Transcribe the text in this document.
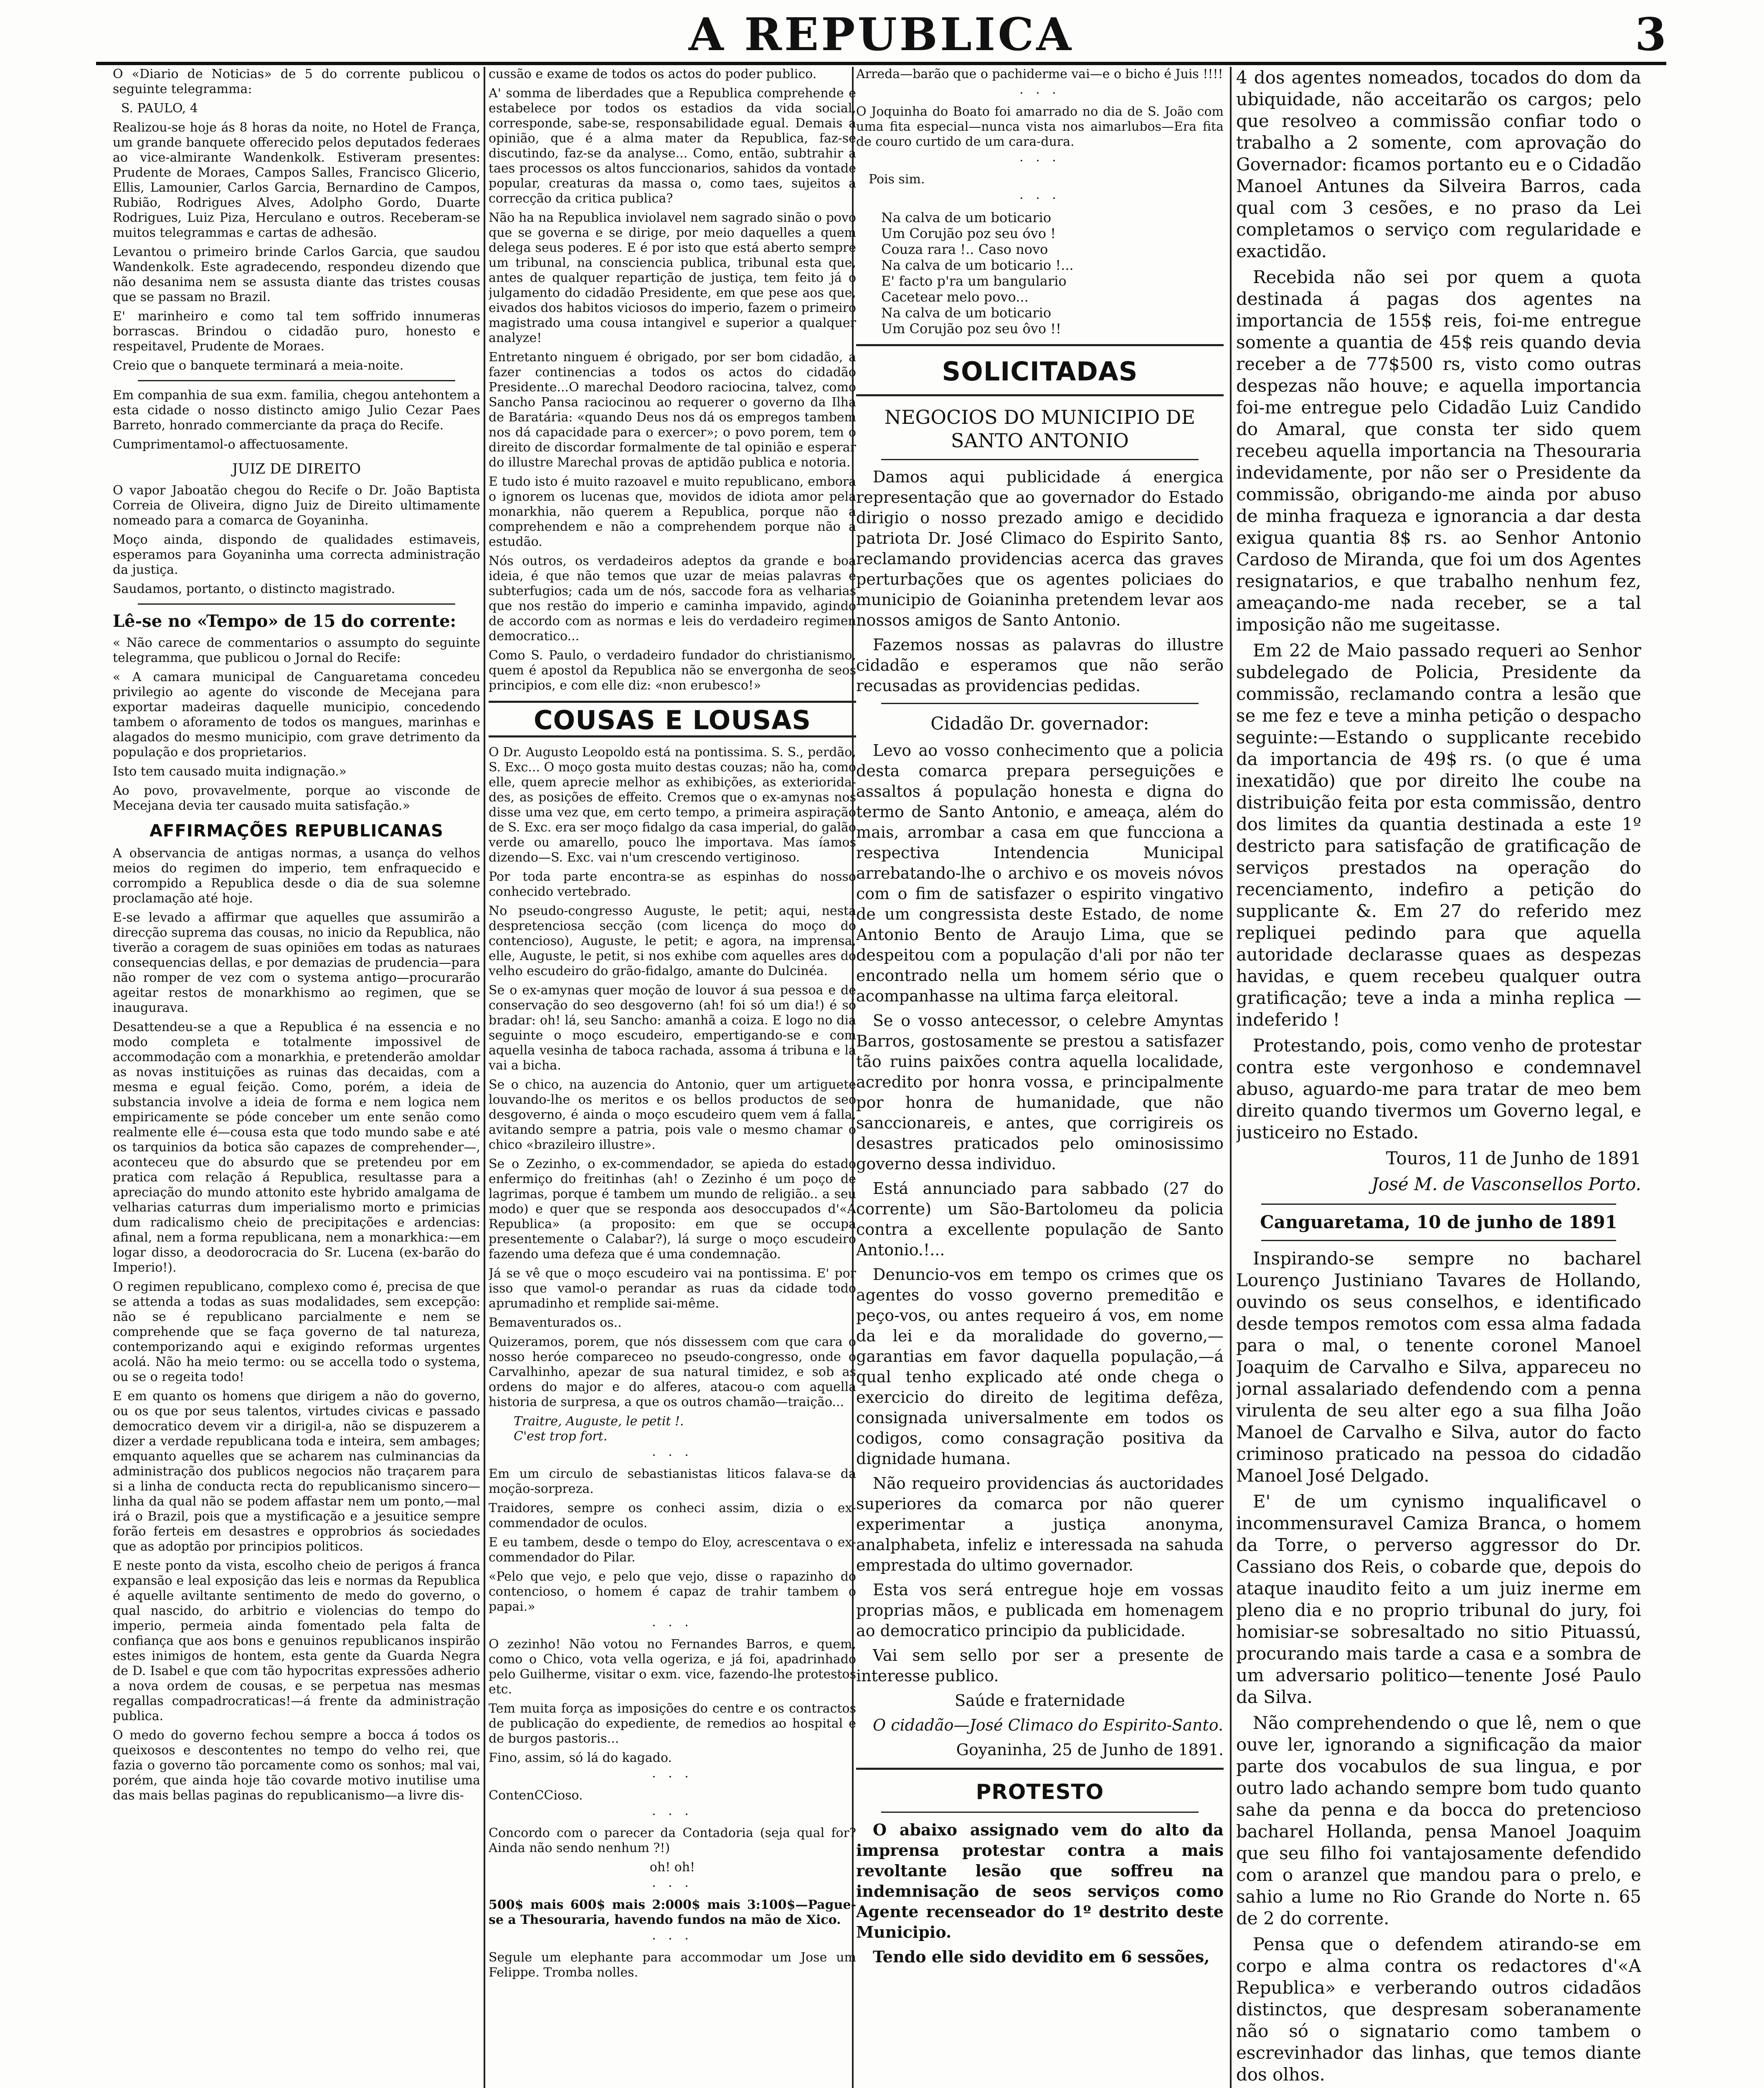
A REPUBLICA	3

O «Diario de Noticias» de 5 do corrente publicou o seguinte telegramma:

S. PAULO, 4

Realizou-se hoje ás 8 horas da noite, no Hotel de França, um grande banquete offerecido pelos deputados federaes ao vice-almirante Wandenkolk. Estiveram presentes: Prudente de Moraes, Campos Salles, Francisco Glicerio, Ellis, Lamounier, Carlos Garcia, Bernardino de Campos, Rubião, Rodrigues Alves, Adolpho Gordo, Duarte Rodrigues, Luiz Piza, Herculano e outros. Receberam-se muitos telegrammas e cartas de adhesão.

Levantou o primeiro brinde Carlos Garcia, que saudou Wandenkolk. Este agradecendo, respondeu dizendo que não desanima nem se assusta diante das tristes cousas que se passam no Brazil.

E' marinheiro e como tal tem soffrido innumeras borrascas. Brindou o cidadão puro, honesto e respeitavel, Prudente de Moraes.

Creio que o banquete terminará a meia-noite.

Em companhia de sua exm. familia, chegou antehontem a esta cidade o nosso distincto amigo Julio Cezar Paes Barreto, honrado commerciante da praça do Recife.

Cumprimentamol-o affectuosamente.

JUIZ DE DIREITO

O vapor Jaboatão chegou do Recife o Dr. João Baptista Correia de Oliveira, digno Juiz de Direito ultimamente nomeado para a comarca de Goyaninha.

Moço ainda, dispondo de qualidades estimaveis, esperamos para Goyaninha uma correcta administração da justiça.

Saudamos, portanto, o distincto magistrado.

Lê-se no «Tempo» de 15 do corrente:

« Não carece de commentarios o assumpto do seguinte telegramma, que publicou o Jornal do Recife:

« A camara municipal de Canguaretama concedeu privilegio ao agente do visconde de Mecejana para exportar madeiras daquelle municipio, concedendo tambem o aforamento de todos os mangues, marinhas e alagados do mesmo municipio, com grave detrimento da população e dos proprietarios.

Isto tem causado muita indignação.»

Ao povo, provavelmente, porque ao visconde de Mecejana devia ter causado muita satisfação.»

AFFIRMAÇÕES REPUBLICANAS

A observancia de antigas normas, a usança do velhos meios do regimen do imperio, tem enfraquecido e corrompido a Republica desde o dia de sua solemne proclamação até hoje.

E-se levado a affirmar que aquelles que assumirão a direcção suprema das cousas, no inicio da Republica, não tiverão a coragem de suas opiniões em todas as naturaes consequencias dellas, e por demazias de prudencia—para não romper de vez com o systema antigo—procurarão ageitar restos de monarkhismo ao regimen, que se inaugurava.

Desattendeu-se a que a Republica é na essencia e no modo completa e totalmente impossivel de accommodação com a monarkhia, e pretenderão amoldar as novas instituições as ruinas das decaidas, com a mesma e egual feição. Como, porém, a ideia de substancia involve a ideia de forma e nem logica nem empiricamente se póde conceber um ente senão como realmente elle é—cousa esta que todo mundo sabe e até os tarquinios da botica são capazes de comprehender—, aconteceu que do absurdo que se pretendeu por em pratica com relação á Republica, resultasse para a apreciação do mundo attonito este hybrido amalgama de velharias caturras dum imperialismo morto e primicias dum radicalismo cheio de precipitações e ardencias: afinal, nem a forma republicana, nem a monarkhica:—em logar disso, a deodorocracia do Sr. Lucena (ex-barão do Imperio!).

O regimen republicano, complexo como é, precisa de que se attenda a todas as suas modalidades, sem excepção: não se é republicano parcialmente e nem se comprehende que se faça governo de tal natureza, contemporizando aqui e exigindo reformas urgentes acolá. Não ha meio termo: ou se accella todo o systema, ou se o regeita todo!

E em quanto os homens que dirigem a não do governo, ou os que por seus talentos, virtudes civicas e passado democratico devem vir a dirigil-a, não se dispuzerem a dizer a verdade republicana toda e inteira, sem ambages; emquanto aquelles que se acharem nas culminancias da administração dos publicos negocios não traçarem para si a linha de conducta recta do republicanismo sincero—linha da qual não se podem affastar nem um ponto,—mal irá o Brazil, pois que a mystificação e a jesuitice sempre forão ferteis em desastres e opprobrios ás sociedades que as adoptão por principios politicos.

E neste ponto da vista, escolho cheio de perigos á franca expansão e leal exposição das leis e normas da Republica é aquelle aviltante sentimento de medo do governo, o qual nascido, do arbitrio e violencias do tempo do imperio, permeia ainda fomentado pela falta de confiança que aos bons e genuinos republicanos inspirão estes inimigos de hontem, esta gente da Guarda Negra de D. Isabel e que com tão hypocritas expressões adherio a nova ordem de cousas, e se perpetua nas mesmas regallas compadrocraticas!—á frente da administração publica.

O medo do governo fechou sempre a bocca á todos os queixosos e descontentes no tempo do velho rei, que fazia o governo tão porcamente como os sonhos; mal vai, porém, que ainda hoje tão covarde motivo inutilise uma das mais bellas paginas do republicanismo—a livre dis-

cussão e exame de todos os actos do poder publico.

A' somma de liberdades que a Republica comprehende e estabelece por todos os estadios da vida social, corresponde, sabe-se, responsabilidade egual. Demais a opinião, que é a alma mater da Republica, faz-se discutindo, faz-se da analyse... Como, então, subtrahir a taes processos os altos funccionarios, sahidos da vontade popular, creaturas da massa o, como taes, sujeitos a correcção da critica publica?

Não ha na Republica inviolavel nem sagrado sinão o povo que se governa e se dirige, por meio daquelles a quem delega seus poderes. E é por isto que está aberto sempre um tribunal, na consciencia publica, tribunal esta que, antes de qualquer repartição de justiça, tem feito já o julgamento do cidadão Presidente, em que pese aos que, eivados dos habitos viciosos do imperio, fazem o primeiro magistrado uma cousa intangivel e superior a qualquer analyze!

Entretanto ninguem é obrigado, por ser bom cidadão, a fazer continencias a todos os actos do cidadão Presidente...O marechal Deodoro raciocina, talvez, como Sancho Pansa raciocinou ao requerer o governo da Ilha de Baratária: «quando Deus nos dá os empregos tambem nos dá capacidade para o exercer»; o povo porem, tem o direito de discordar formalmente de tal opinião e esperar do illustre Marechal provas de aptidão publica e notoria.

E tudo isto é muito razoavel e muito republicano, embora o ignorem os lucenas que, movidos de idiota amor pela monarkhia, não querem a Republica, porque não a comprehendem e não a comprehendem porque não a estudão.

Nós outros, os verdadeiros adeptos da grande e boa ideia, é que não temos que uzar de meias palavras e subterfugios; cada um de nós, saccode fora as velharias que nos restão do imperio e caminha impavido, agindo de accordo com as normas e leis do verdadeiro regimen democratico...

Como S. Paulo, o verdadeiro fundador do christianismo, quem é apostol da Republica não se envergonha de seos principios, e com elle diz: «non erubesco!»

COUSAS E LOUSAS

O Dr. Augusto Leopoldo está na pontissima. S. S., perdão, S. Exc... O moço gosta muito destas couzas; não ha, como elle, quem aprecie melhor as exhibições, as exteriorida-des, as posições de effeito. Cremos que o ex-amynas nos disse uma vez que, em certo tempo, a primeira aspiração de S. Exc. era ser moço fidalgo da casa imperial, do galão verde ou amarello, pouco lhe importava. Mas íamos dizendo—S. Exc. vai n'um crescendo vertiginoso.

Por toda parte encontra-se as espinhas do nosso conhecido vertebrado.

No pseudo-congresso Auguste, le petit; aqui, nesta despretenciosa secção (com licença do moço do contencioso), Auguste, le petit; e agora, na imprensa, elle, Auguste, le petit, si nos exhibe com aquelles ares do velho escudeiro do grão-fidalgo, amante do Dulcinéa.

Se o ex-amynas quer moção de louvor á sua pessoa e de conservação do seo desgoverno (ah! foi só um dia!) é só bradar: oh! lá, seu Sancho: amanhã a coiza. E logo no dia seguinte o moço escudeiro, empertigando-se e com aquella vesinha de taboca rachada, assoma á tribuna e lá vai a bicha.

Se o chico, na auzencia do Antonio, quer um artiguete louvando-lhe os meritos e os bellos productos de seo desgoverno, é ainda o moço escudeiro quem vem á falla, avitando sempre a patria, pois vale o mesmo chamar o chico «brazileiro illustre».

Se o Zezinho, o ex-commendador, se apieda do estado enfermiço do freitinhas (ah! o Zezinho é um poço de lagrimas, porque é tambem um mundo de religião.. a seu modo) e quer que se responda aos desoccupados d'«A Republica» (a proposito: em que se occupa presentemente o Calabar?), lá surge o moço escudeiro fazendo uma defeza que é uma condemnação.

Já se vê que o moço escudeiro vai na pontissima. E' por isso que vamol-o perandar as ruas da cidade todo aprumadinho et remplide sai-même.

Bemaventurados os..

Quizeramos, porem, que nós dissessem com que cara o nosso heróe compareceo no pseudo-congresso, onde o Carvalhinho, apezar de sua natural timidez, e sob as ordens do major e do alferes, atacou-o com aquella historia de surpresa, a que os outros chamão—traição...

Traitre, Auguste, le petit !.
C'est trop fort.

· · ·

Em um circulo de sebastianistas liticos falava-se da moção-sorpreza.

Traidores, sempre os conheci assim, dizia o ex-commendador de oculos.

E eu tambem, desde o tempo do Eloy, acrescentava o ex-commendador do Pilar.

«Pelo que vejo, e pelo que vejo, disse o rapazinho do contencioso, o homem é capaz de trahir tambem o papai.»

· · ·

O zezinho! Não votou no Fernandes Barros, e quem, como o Chico, vota vella ogeriza, e já foi, apadrinhado pelo Guilherme, visitar o exm. vice, fazendo-lhe protestos etc.

Tem muita força as imposições do centre e os contractos de publicação do expediente, de remedios ao hospital e de burgos pastoris...

Fino, assim, só lá do kagado.

· · ·

ContenCCioso.

· · ·

Concordo com o parecer da Contadoria (seja qual for? Ainda não sendo nenhum ?!)

oh! oh!

· · ·

500$ mais 600$ mais 2:000$ mais 3:100$—Pague-se a Thesouraria, havendo fundos na mão de Xico.

· · ·

Segule um elephante para accommodar um Jose um Felippe. Tromba nolles.

Arreda—barão que o pachiderme vai—e o bicho é Juis !!!!

· · ·

O Joquinha do Boato foi amarrado no dia de S. João com uma fita especial—nunca vista nos aimarlubos—Era fita de couro curtido de um cara-dura.

· · ·

Pois sim.

· · ·
Na calva de um boticario
Um Corujão poz seu óvo !
Couza rara !.. Caso novo
Na calva de um boticario !...
E' facto p'ra um bangulario
Cacetear melo povo...
Na calva de um boticario
Um Corujão poz seu ôvo !!
SOLICITADAS
NEGOCIOS DO MUNICIPIO DE SANTO ANTONIO

Damos aqui publicidade á energica representação que ao governador do Estado dirigio o nosso prezado amigo e decidido patriota Dr. José Climaco do Espirito Santo, reclamando providencias acerca das graves perturbações que os agentes policiaes do municipio de Goianinha pretendem levar aos nossos amigos de Santo Antonio.

Fazemos nossas as palavras do illustre cidadão e esperamos que não serão recusadas as providencias pedidas.

Cidadão Dr. governador:

Levo ao vosso conhecimento que a policia desta comarca prepara perseguições e assaltos á população honesta e digna do termo de Santo Antonio, e ameaça, além do mais, arrombar a casa em que funcciona a respectiva Intendencia Municipal arrebatando-lhe o archivo e os moveis nóvos com o fim de satisfazer o espirito vingativo de um congressista deste Estado, de nome Antonio Bento de Araujo Lima, que se despeitou com a população d'ali por não ter encontrado nella um homem sério que o acompanhasse na ultima farça eleitoral.

Se o vosso antecessor, o celebre Amyntas Barros, gostosamente se prestou a satisfazer tão ruins paixões contra aquella localidade, acredito por honra vossa, e principalmente por honra de humanidade, que não sanccionareis, e antes, que corrigireis os desastres praticados pelo ominosissimo governo dessa individuo.

Está annunciado para sabbado (27 do corrente) um São-Bartolomeu da policia contra a excellente população de Santo Antonio.!...

Denuncio-vos em tempo os crimes que os agentes do vosso governo premeditão e peço-vos, ou antes requeiro á vos, em nome da lei e da moralidade do governo,—garantias em favor daquella população,—á qual tenho explicado até onde chega o exercicio do direito de legitima defêza, consignada universalmente em todos os codigos, como consagração positiva da dignidade humana.

Não requeiro providencias ás auctoridades superiores da comarca por não querer experimentar a justiça anonyma, analphabeta, infeliz e interessada na sahuda emprestada do ultimo governador.

Esta vos será entregue hoje em vossas proprias mãos, e publicada em homenagem ao democratico principio da publicidade.

Vai sem sello por ser a presente de interesse publico.

Saúde e fraternidade

O cidadão—José Climaco do Espirito-Santo.

Goyaninha, 25 de Junho de 1891.

PROTESTO

O abaixo assignado vem do alto da imprensa protestar contra a mais revoltante lesão que soffreu na indemnisação de seos serviços como Agente recenseador do 1º destrito deste Municipio.

Tendo elle sido devidito em 6 sessões,

4 dos agentes nomeados, tocados do dom da ubiquidade, não acceitarão os cargos; pelo que resolveo a commissão confiar todo o trabalho a 2 somente, com aprovação do Governador: ficamos portanto eu e o Cidadão Manoel Antunes da Silveira Barros, cada qual com 3 cesões, e no praso da Lei completamos o serviço com regularidade e exactidão.

Recebida não sei por quem a quota destinada á pagas dos agentes na importancia de 155$ reis, foi-me entregue somente a quantia de 45$ reis quando devia receber a de 77$500 rs, visto como outras despezas não houve; e aquella importancia foi-me entregue pelo Cidadão Luiz Candido do Amaral, que consta ter sido quem recebeu aquella importancia na Thesouraria indevidamente, por não ser o Presidente da commissão, obrigando-me ainda por abuso de minha fraqueza e ignorancia a dar desta exigua quantia 8$ rs. ao Senhor Antonio Cardoso de Miranda, que foi um dos Agentes resignatarios, e que trabalho nenhum fez, ameaçando-me nada receber, se a tal imposição não me sugeitasse.

Em 22 de Maio passado requeri ao Senhor subdelegado de Policia, Presidente da commissão, reclamando contra a lesão que se me fez e teve a minha petição o despacho seguinte:—Estando o supplicante recebido da importancia de 49$ rs. (o que é uma inexatidão) que por direito lhe coube na distribuição feita por esta commissão, dentro dos limites da quantia destinada a este 1º destricto para satisfação de gratificação de serviços prestados na operação do recenciamento, indefiro a petição do supplicante &. Em 27 do referido mez repliquei pedindo para que aquella autoridade declarasse quaes as despezas havidas, e quem recebeu qualquer outra gratificação; teve a inda a minha replica —indeferido !

Protestando, pois, como venho de protestar contra este vergonhoso e condemnavel abuso, aguardo-me para tratar de meo bem direito quando tivermos um Governo legal, e justiceiro no Estado.

Touros, 11 de Junho de 1891

José M. de Vasconsellos Porto.

Canguaretama, 10 de junho de 1891

Inspirando-se sempre no bacharel Lourenço Justiniano Tavares de Hollando, ouvindo os seus conselhos, e identificado desde tempos remotos com essa alma fadada para o mal, o tenente coronel Manoel Joaquim de Carvalho e Silva, appareceu no jornal assalariado defendendo com a penna virulenta de seu alter ego a sua filha João Manoel de Carvalho e Silva, autor do facto criminoso praticado na pessoa do cidadão Manoel José Delgado.

E' de um cynismo inqualificavel o incommensuravel Camiza Branca, o homem da Torre, o perverso aggressor do Dr. Cassiano dos Reis, o cobarde que, depois do ataque inaudito feito a um juiz inerme em pleno dia e no proprio tribunal do jury, foi homisiar-se sobresaltado no sitio Pituassú, procurando mais tarde a casa e a sombra de um adversario politico—tenente José Paulo da Silva.

Não comprehendendo o que lê, nem o que ouve ler, ignorando a significação da maior parte dos vocabulos de sua lingua, e por outro lado achando sempre bom tudo quanto sahe da penna e da bocca do pretencioso bacharel Hollanda, pensa Manoel Joaquim que seu filho foi vantajosamente defendido com o aranzel que mandou para o prelo, e sahio a lume no Rio Grande do Norte n. 65 de 2 do corrente.

Pensa que o defendem atirando-se em corpo e alma contra os redactores d'«A Republica» e verberando outros cidadãos distinctos, que despresam soberanamente não só o signatario como tambem o escrevinhador das linhas, que temos diante dos olhos.
